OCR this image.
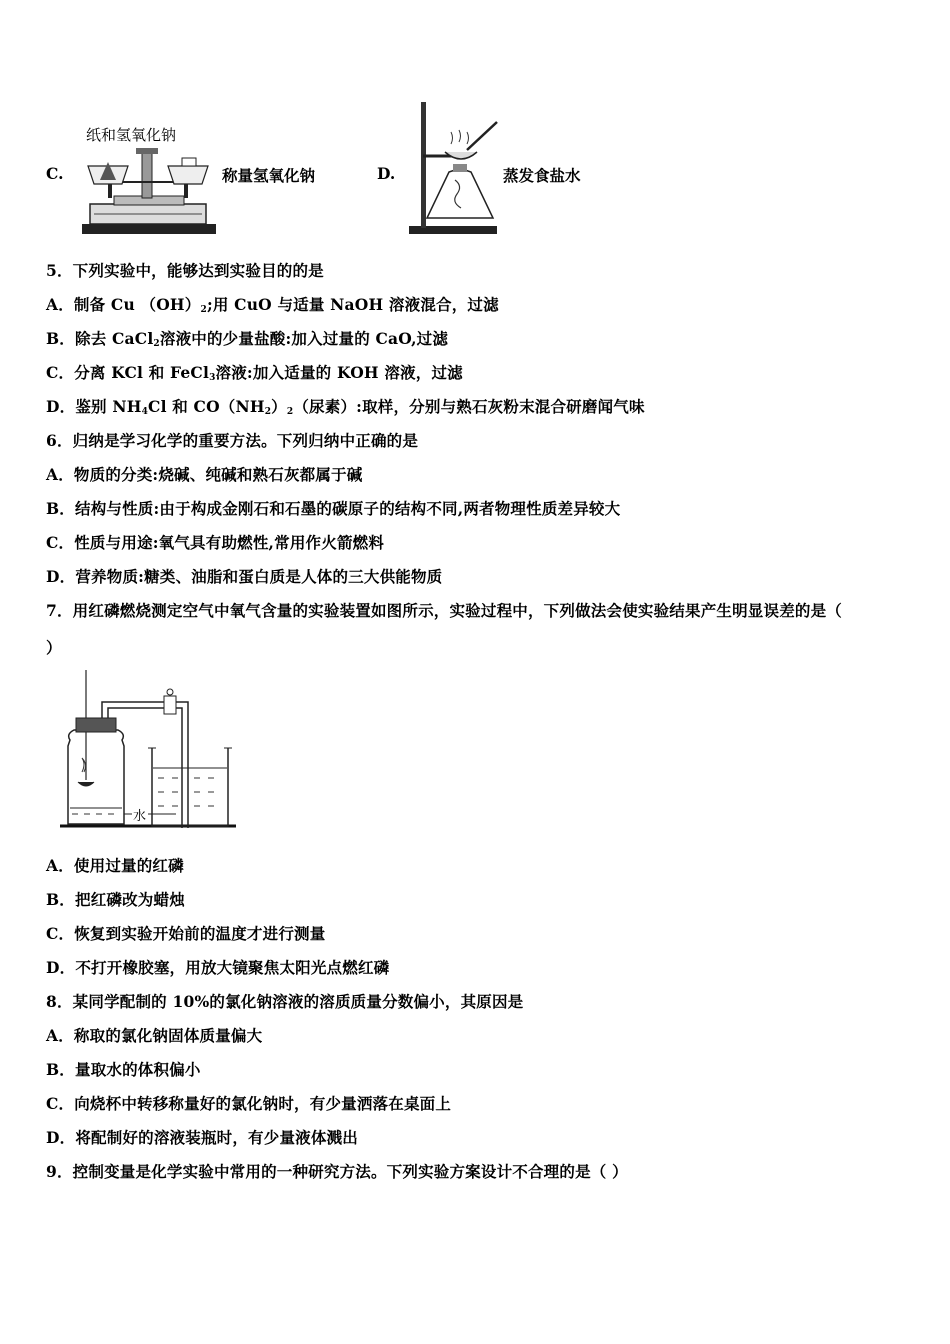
C.
纸和氢氧化钠
称量氢氧化钠	D.	蒸发食盐水
5．下列实验中，能够达到实验目的的是
A．制备 Cu $(OH)_2$;用 CuO 与适量 NaOH 溶液混合，过滤
B．除去 CaCl$_2$溶液中的少量盐酸:加入过量的 CaO,过滤
C．分离 KCl 和 FeCl$_3$溶液:加入适量的 KOH 溶液，过滤
D．鉴别 $NH_4Cl$ 和 $CO(NH_2)_2$（尿素）:取样，分别与熟石灰粉末混合研磨闻气味
6．归纳是学习化学的重要方法。下列归纳中正确的是
A．物质的分类:烧碱、纯碱和熟石灰都属于碱
B．结构与性质:由于构成金刚石和石墨的碳原子的结构不同,两者物理性质差异较大
C．性质与用途:氧气具有助燃性,常用作火箭燃料
D．营养物质:糖类、油脂和蛋白质是人体的三大供能物质
7．用红磷燃烧测定空气中氧气含量的实验装置如图所示，实验过程中，下列做法会使实验结果产生明显误差的是（
）
水
A．使用过量的红磷
B．把红磷改为蜡烛
C．恢复到实验开始前的温度才进行测量
D．不打开橡胶塞，用放大镜聚焦太阳光点燃红磷
8．某同学配制的 10%的氯化钠溶液的溶质质量分数偏小，其原因是
A．称取的氯化钠固体质量偏大
B．量取水的体积偏小
C．向烧杯中转移称量好的氯化钠时，有少量洒落在桌面上
D．将配制好的溶液装瓶时，有少量液体溅出
9．控制变量是化学实验中常用的一种研究方法。下列实验方案设计不合理的是（ ）
